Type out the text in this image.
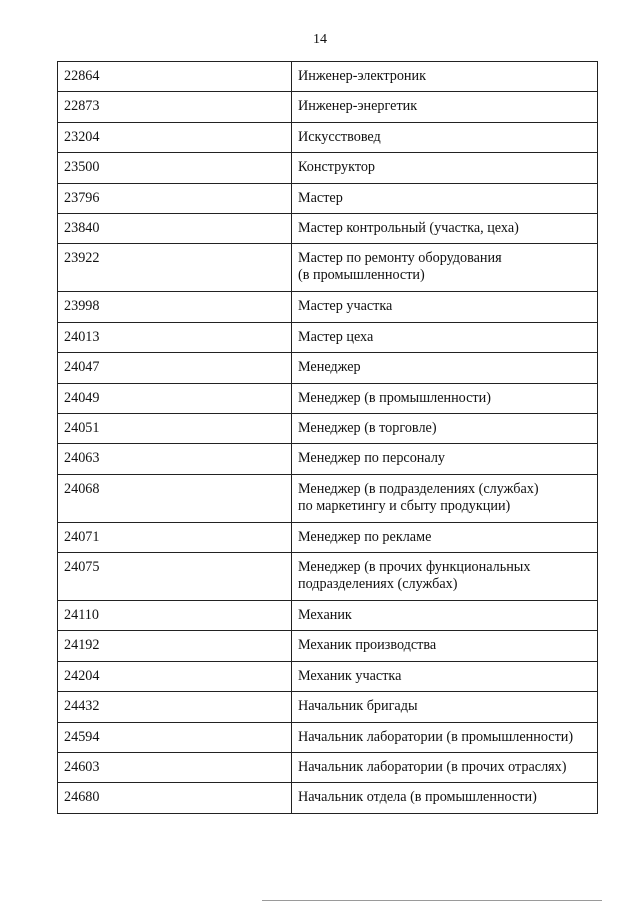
14
22864	Инженер-электроник
22873	Инженер-энергетик
23204	Искусствовед
23500	Конструктор
23796	Мастер
23840	Мастер контрольный (участка, цеха)
23922	Мастер по ремонту оборудования
(в промышленности)
23998	Мастер участка
24013	Мастер цеха
24047	Менеджер
24049	Менеджер (в промышленности)
24051	Менеджер (в торговле)
24063	Менеджер по персоналу
24068	Менеджер (в подразделениях (службах)
по маркетингу и сбыту продукции)
24071	Менеджер по рекламе
24075	Менеджер (в прочих функциональных
подразделениях (службах)
24110	Механик
24192	Механик производства
24204	Механик участка
24432	Начальник бригады
24594	Начальник лаборатории (в промышленности)
24603	Начальник лаборатории (в прочих отраслях)
24680	Начальник отдела (в промышленности)
